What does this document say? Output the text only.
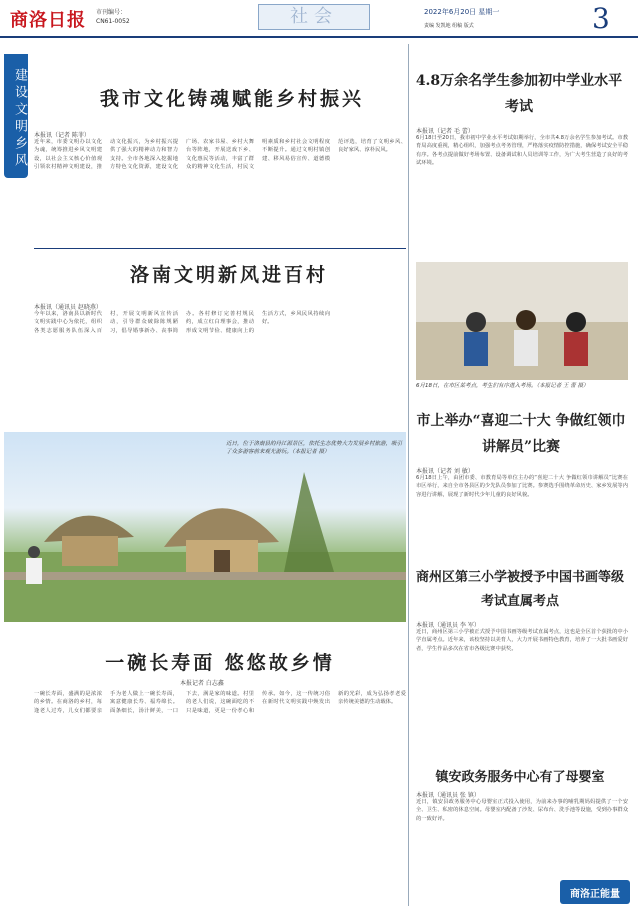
商洛日报 市刊编号：
CN61-0052	社会	2022年6月20日 星期一
责编 发凯地 组稿 版式	3
建设文明乡风	我市文化铸魂赋能乡村振兴
本报讯（记者 陈菲）
近年来，市委文明办以文化为魂，统筹推进乡风文明建设，以社会主义核心价值观引领农村精神文明建设，推动文化振兴，为乡村振兴提供了强大的精神动力和智力支持。全市各地深入挖掘地方特色文化资源，建设文化广场、农家书屋、乡村大舞台等阵地，开展送戏下乡、文化惠民等活动，丰富了群众的精神文化生活，村民文明素质和乡村社会文明程度不断提升。通过文明村镇创建、移风易俗宣传、道德模范评选，培育了文明乡风、良好家风、淳朴民风。
洛南文明新风进百村
本报讯（通讯员 赵晓燕）
今年以来，洛南县以新时代文明实践中心为依托，组织各类志愿服务队伍深入百村，开展文明新风宣传活动，引导群众破除陈规陋习，倡导婚事新办、丧事简办。各村修订完善村规民约，成立红白理事会，推动形成文明节俭、健康向上的生活方式，乡风民风持续向好。
近日，位于洛南县的丹江源景区，依托生态优势大力发展乡村旅游，吸引了众多游客前来观光游玩。（本报记者 摄）
一碗长寿面 悠悠故乡情
本报记者 白志鑫
一碗长寿面，盛满的是浓浓的乡情。在商洛的乡村，每逢老人过寿，儿女们都要亲手为老人做上一碗长寿面，寓意健康长寿、福寿绵长。面条细长，汤汁鲜美，一口下去，满是家的味道。村里的老人们说，这碗面吃的不只是味道，更是一份孝心和传承。如今，这一传统习俗在新时代文明实践中焕发出新的光彩，成为弘扬孝老爱亲传统美德的生动载体。
4.8万余名学生参加初中学业水平考试
本报讯（记者 毛 蕾）
6月18日至20日，我市初中学业水平考试如期举行，全市共4.8万余名学生参加考试。市教育局高度重视，精心组织，加强考点考务管理，严格落实疫情防控措施，确保考试安全平稳有序。各考点提前做好考场布置、设备调试和人员培训等工作，为广大考生营造了良好的考试环境。
6月18日，在市区某考点，考生们有序进入考场。（本报记者 王 蕾 摄）
市上举办“喜迎二十大 争做红领巾讲解员”比赛
本报讯（记者 刘 敏）
6月18日上午，由团市委、市教育局等单位主办的“喜迎二十大 争做红领巾讲解员”比赛在市区举行，来自全市各县区的少先队员参加了比赛。参赛选手围绕革命历史、家乡发展等内容进行讲解，展现了新时代少年儿童的良好风貌。
商州区第三小学被授予中国书画等级考试直属考点
本报讯（通讯员 李 军）
近日，商州区第三小学被正式授予中国书画等级考试直属考点，这也是全区首个获批的中小学直属考点。近年来，该校坚持以美育人，大力开展书画特色教育，培养了一大批书画爱好者，学生作品多次在省市各级比赛中获奖。
镇安政务服务中心有了母婴室
本报讯（通讯员 张 镇）
近日，镇安县政务服务中心母婴室正式投入使用，为前来办事的哺乳期妈妈提供了一个安全、卫生、私密的休息空间。母婴室内配备了沙发、尿布台、洗手池等设施，受到办事群众的一致好评。
商洛正能量
